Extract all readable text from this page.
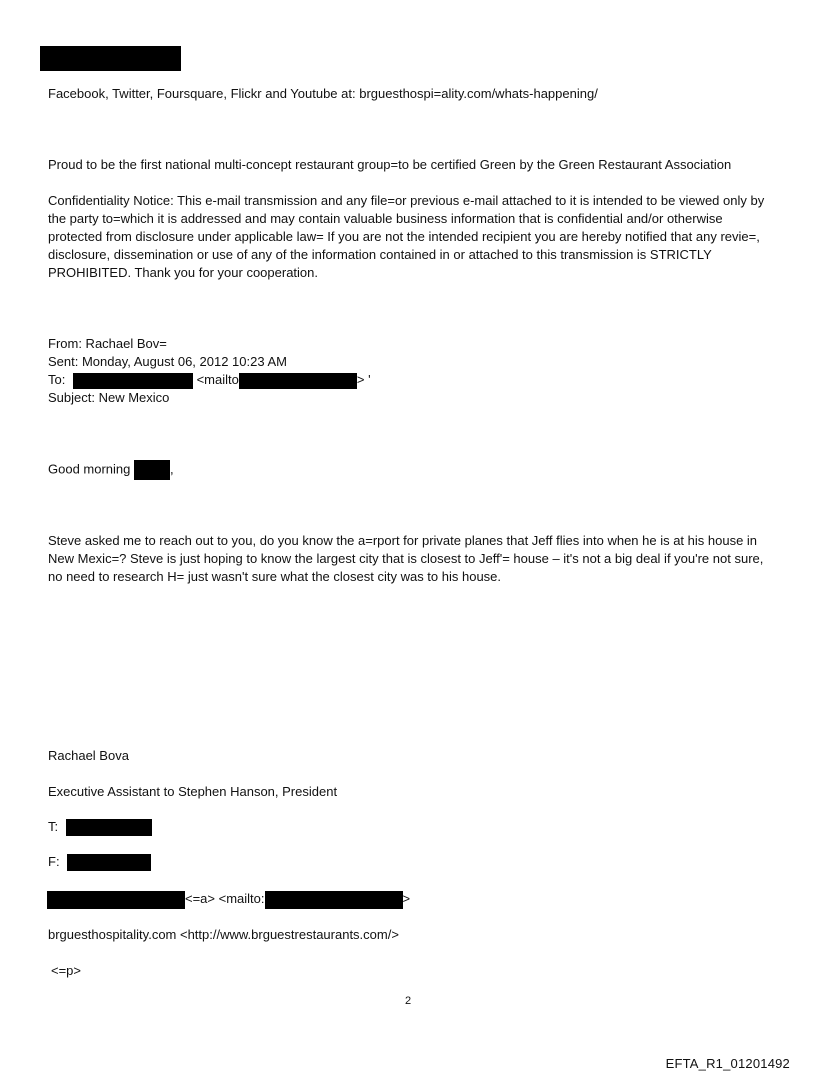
Facebook, Twitter, Foursquare, Flickr and Youtube at: brguesthospi=ality.com/whats-happening/
Proud to be the first national multi-concept restaurant group=to be certified Green by the Green Restaurant Association
Confidentiality Notice: This e-mail transmission and any file=or previous e-mail attached to it is intended to be viewed only by the party to=which it is addressed and may contain valuable business information that is confidential and/or otherwise protected from disclosure under applicable law= If you are not the intended recipient you are hereby notified that any revie=, disclosure, dissemination or use of any of the information contained in or attached to this transmission is STRICTLY PROHIBITED. Thank you for your cooperation.
From: Rachael Bov=
Sent: Monday, August 06, 2012 10:23 AM
To:	<mailto	> '
Subject: New Mexico
Good morning	,
Steve asked me to reach out to you, do you know the a=rport for private planes that Jeff flies into when he is at his house in New Mexic=? Steve is just hoping to know the largest city that is closest to Jeff'= house – it's not a big deal if you're not sure, no need to research H= just wasn't sure what the closest city was to his house.
Rachael Bova
Executive Assistant to Stephen Hanson, President
T:
F:
<=a> <mailto:	>
brguesthospitality.com <http://www.brguestrestaurants.com/>
<=p>
2
EFTA_R1_01201492
